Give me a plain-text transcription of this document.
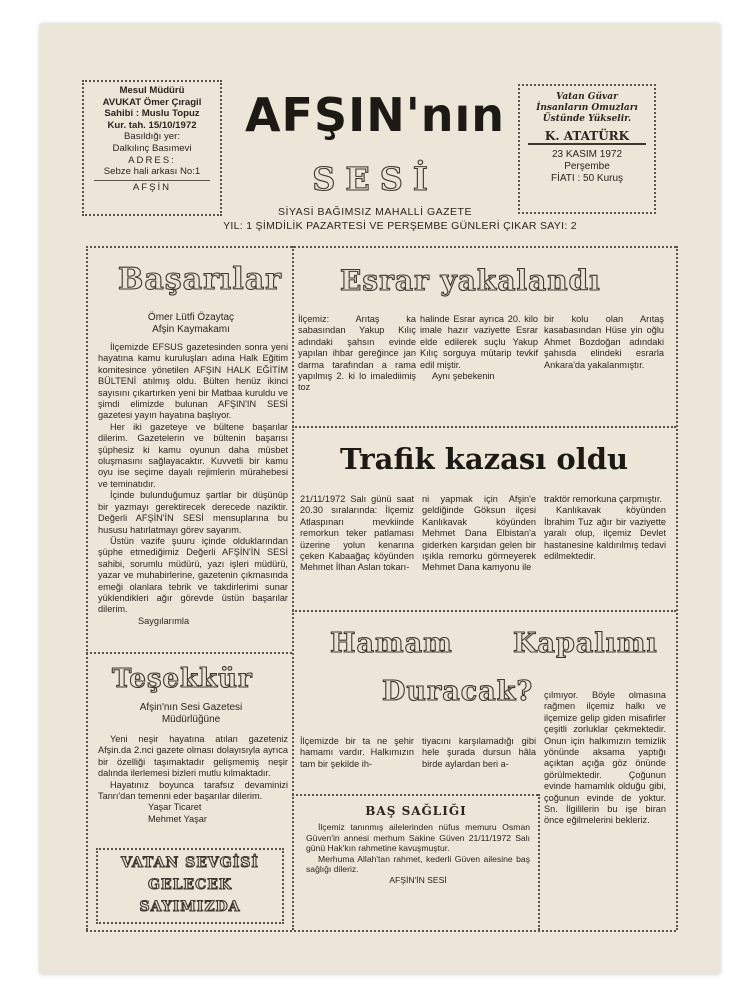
Mesul Müdürü
AVUKAT Ömer Çıragil
Sahibi : Muslu Topuz
Kur. tah. 15/10/1972
Basıldığı yer:
Dalkılınç Basımevi
ADRES:
Sebze hali arkası No:1
AFŞİN
AFŞIN'nın
SESİ
SİYASİ BAĞIMSIZ MAHALLİ GAZETE
YIL: 1 ŞİMDİLİK PAZARTESİ VE PERŞEMBE GÜNLERİ ÇIKAR SAYI: 2
Vatan Güvar İnsanların Omuzları Üstünde Yükselir.
K. ATATÜRK
23 KASIM 1972
Perşembe
FİATI : 50 Kuruş
Başarılar
Ömer Lütfi Özaytaç
Afşin Kaymakamı

İlçemizde EFSUS gazetesinden sonra yeni hayatına kamu kuruluşları adına Halk Eğitim komitesince yönetilen AFŞIN HALK EĞİTİM BÜLTENİ atılmış oldu. Bülten henüz ikinci sayısını çıkartırken yeni bir Matbaa kuruldu ve şimdi elimizde bulunan AFŞIN'IN SESİ gazetesi yayın hayatına başlıyor.

Her iki gazeteye ve bültene başarılar dilerim. Gazetelerin ve bültenin başarısı şüphesiz ki kamu oyunun daha müsbet oluşmasını sağlayacaktır. Kuvvetli bir kamu oyu ise seçime dayalı rejimlerin mürahebesi ve teminatıdır.

İçinde bulunduğumuz şartlar bir düşünüp bir yazmayı gerektirecek derecede naziktir. Değerli AFŞİN'İN SESİ mensuplarına bu hususu hatırlatmayı görev sayarım.

Üstün vazife şuuru içinde olduklarından şüphe etmediğimiz Değerli AFŞİN'İN SESİ sahibi, sorumlu müdürü, yazı işleri müdürü, yazar ve muhabirlerine, gazetenin çıkmasında emeği olanlara tebrik ve takdirlerimi sunar yüklendikleri ağır görevde üstün başarılar dilerim.

Saygılarımla

Teşekkür
Afşin'nın Sesi Gazetesi
Müdürlüğüne

Yeni neşir hayatına atılan gazeteniz Afşin.da 2.nci gazete olması dolayısıyla ayrıca bir özelliği taşımaktadır gelişmemiş neşir dalında ilerlemesi bizleri mutlu kılmaktadır.

Hayatınız boyunca tarafsız devaminizi Tanrı'dan temenni eder başarılar dilerim.

Yaşar Ticaret

Mehmet Yaşar

VATAN SEVGİSİ
GELECEK
SAYIMIZDA
Esrar yakalandı
İlçemiz: Arıtaş ka sabasından Yakup Kılıç adındaki şahsın evinde yapılan ihbar gereğince jan darma tarafından a rama yapılmış 2. ki lo imalediimiş toz

halinde Esrar ayrıca 20. kilo imale hazır vaziyette Esrar elde edilerek suçlu Yakup Kılıç sorguya mütarip tevkif edil miştir.

Aynı şebekenin

bir kolu olan Arıtaş kasabasından Hüse yin oğlu Ahmet Bozdoğan adındaki şahısda elindeki esrarla Ankara'da yakalanmıştır.
Trafik kazası oldu
21/11/1972 Salı günü saat 20.30 sıralarında: İlçemiz Atlaspınarı mevkiinde remorkun teker patlaması üzerine yolun kenarına çeken Kabaağaç köyünden Mehmet İlhan Aslan tokarı-
ni yapmak için Afşin'e geldiğinde Göksun ilçesi Kanlıkavak köyünden Mehmet Dana Elbistan'a giderken karşıdan gelen bir ışıkla remorku görmeyerek Mehmet Dana kamyonu ile

traktör remorkuna çarpmıştır.

Kanlıkavak köyünden İbrahim Tuz ağır bir vaziyette yaralı olup, ilçemiz Devlet hastanesine kaldırılmış tedavi edilmektedir.

Hamam Kapalımı
Duracak?
İlçemizde bir ta ne şehir hamamı vardır. Halkımızın tam bir şekilde ih-
tiyacını karşılamadığı gibi hele şurada dursun hâla birde aylardan beri a-
çılmıyor. Böyle olmasına rağmen ilçemiz halkı ve ilçemize gelip giden misafirler çeşitli zorluklar çekmektedir. Onun için halkımızın temizlik yönünde aksama yaptığı açıktan açığa göz önünde görülmektedir. Çoğunun evinde hamamlık olduğu gibi, çoğunun evinde de yoktur. Sn. İlgililerin bu işe biran önce eğilmelerini bekleriz.
BAŞ SAĞLIĞI

İlçemiz tanınmış ailelerinden nüfus memuru Osman Güven'in annesi merhum Sakine Güven 21/11/1972 Salı günü Hak'kın rahmetine kavuşmuştur.

Merhuma Allah'tan rahmet, kederli Güven ailesine baş sağlığı dileriz.

AFŞİN'İN SESİ
